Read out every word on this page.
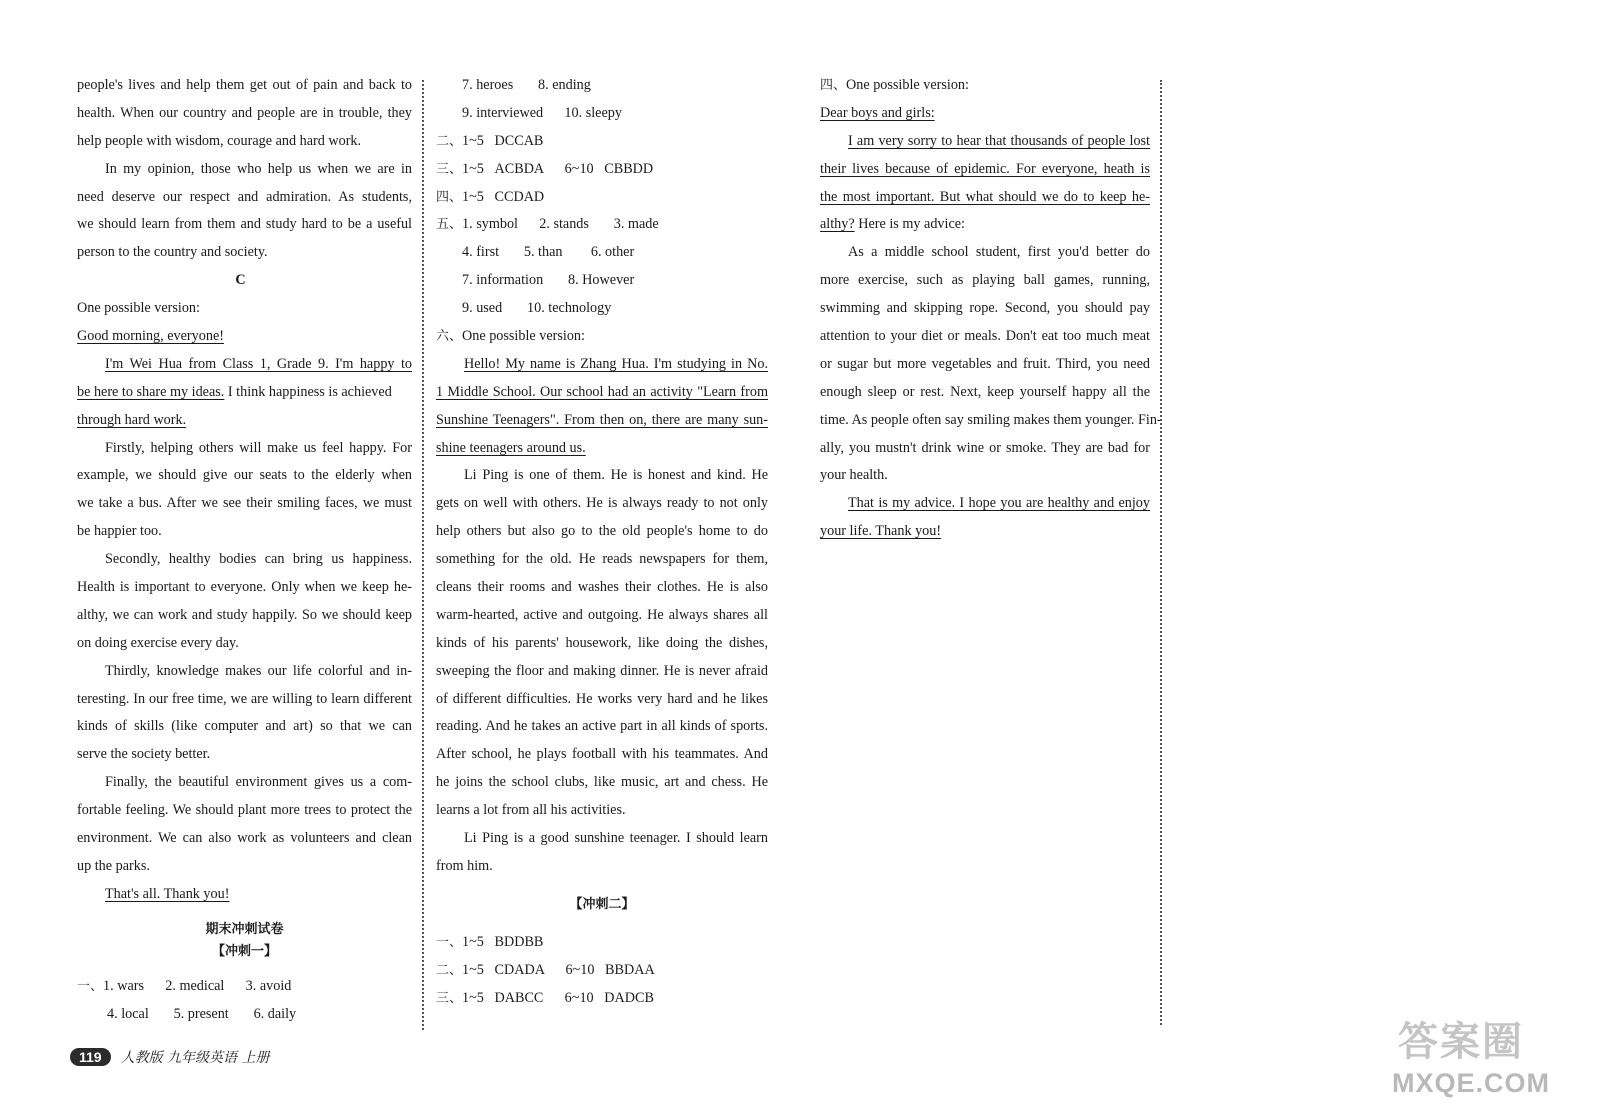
people's lives and help them get out of pain and back to
health. When our country and people are in trouble, they
help people with wisdom, courage and hard work.
In my opinion, those who help us when we are in
need deserve our respect and admiration. As students,
we should learn from them and study hard to be a useful
person to the country and society.
C
One possible version:
Good morning, everyone!
I'm Wei Hua from Class 1, Grade 9. I'm happy to
be here to share my ideas. I think happiness is achieved
through hard work.
Firstly, helping others will make us feel happy. For
example, we should give our seats to the elderly when
we take a bus. After we see their smiling faces, we must
be happier too.
Secondly, healthy bodies can bring us happiness.
Health is important to everyone. Only when we keep he-
althy, we can work and study happily. So we should keep
on doing exercise every day.
Thirdly, knowledge makes our life colorful and in-
teresting. In our free time, we are willing to learn different
kinds of skills (like computer and art) so that we can
serve the society better.
Finally, the beautiful environment gives us a com-
fortable feeling. We should plant more trees to protect the
environment. We can also work as volunteers and clean
up the parks.
That's all. Thank you!
期末冲刺试卷
【冲刺一】
一、1. wars      2. medical      3. avoid
4. local       5. present       6. daily
7. heroes       8. ending
9. interviewed      10. sleepy
二、1~5   DCCAB
三、1~5   ACBDA      6~10   CBBDD
四、1~5   CCDAD
五、1. symbol      2. stands       3. made
4. first       5. than        6. other
7. information       8. However
9. used       10. technology
六、One possible version:
Hello! My name is Zhang Hua. I'm studying in No.
1 Middle School. Our school had an activity "Learn from
Sunshine Teenagers". From then on, there are many sun-
shine teenagers around us.
Li Ping is one of them. He is honest and kind. He
gets on well with others. He is always ready to not only
help others but also go to the old people's home to do
something for the old. He reads newspapers for them,
cleans their rooms and washes their clothes. He is also
warm-hearted, active and outgoing. He always shares all
kinds of his parents' housework, like doing the dishes,
sweeping the floor and making dinner. He is never afraid
of different difficulties. He works very hard and he likes
reading. And he takes an active part in all kinds of sports.
After school, he plays football with his teammates. And
he joins the school clubs, like music, art and chess. He
learns a lot from all his activities.
Li Ping is a good sunshine teenager. I should learn
from him.
【冲刺二】
一、1~5   BDDBB
二、1~5   CDADA      6~10   BBDAA
三、1~5   DABCC      6~10   DADCB
四、One possible version:
Dear boys and girls:
I am very sorry to hear that thousands of people lost
their lives because of epidemic. For everyone, heath is
the most important. But what should we do to keep he-
althy? Here is my advice:
As a middle school student, first you'd better do
more exercise, such as playing ball games, running,
swimming and skipping rope. Second, you should pay
attention to your diet or meals. Don't eat too much meat
or sugar but more vegetables and fruit. Third, you need
enough sleep or rest. Next, keep yourself happy all the
time. As people often say smiling makes them younger. Fin-
ally, you mustn't drink wine or smoke. They are bad for
your health.
That is my advice. I hope you are healthy and enjoy
your life. Thank you!
119	人教版 九年级英语 上册	答案圈
MXQE.COM
